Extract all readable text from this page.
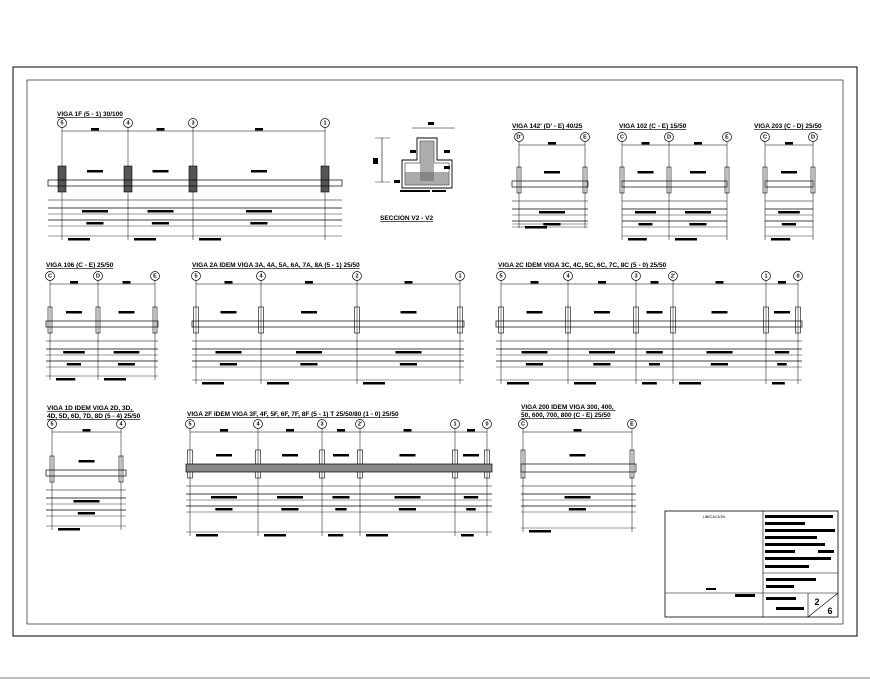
5	4	3	1
D'	E	C	D	E	C	D
C	D	E	5	4	2	1	5	4	3	2'	1	0
5	4	5	4	3	2'	1	0	C	E
UBICACION
2
6
VIGA 1F (5 - 1) 30/100
SECCION V2 - V2
VIGA 142' (D' - E) 40/25	VIGA 102 (C - E) 15/50	VIGA 203 (C - D) 25/50
VIGA 106 (C - E) 25/50	VIGA 2A IDEM VIGA 3A, 4A, 5A, 6A, 7A, 8A (5 - 1) 25/50	VIGA 2C IDEM VIGA 3C, 4C, 5C, 6C, 7C, 8C (5 - 0) 25/50
VIGA 1D IDEM VIGA 2D, 3D, 4D, 5D, 6D, 7D, 8D (5 - 4) 25/50	VIGA 2F IDEM VIGA 3F, 4F, 5F, 6F, 7F, 8F (5 - 1) T 25/50/80 (1 - 0) 25/50
VIGA 200 IDEM VIGA 300, 400, 50, 600, 700, 800 (C - E) 25/50
